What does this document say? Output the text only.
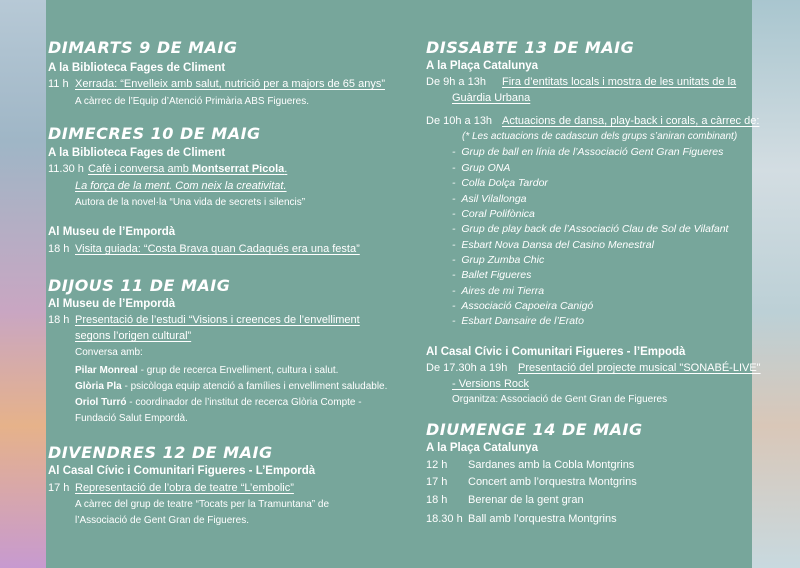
DIMARTS 9 DE MAIG
A la Biblioteca Fages de Climent
11 h Xerrada: “Envelleix amb salut, nutrició per a majors de 65 anys”
A càrrec de l’Equip d’Atenció Primària ABS Figueres.
DIMECRES 10 DE MAIG
A la Biblioteca Fages de Climent
11.30 h Cafè i conversa amb Montserrat Picola.
La força de la ment. Com neix la creativitat.
Autora de la novel·la “Una vida de secrets i silencis”
Al Museu de l’Empordà
18 h Visita guiada: “Costa Brava quan Cadaqués era una festa”
DIJOUS 11 DE MAIG
Al Museu de l’Empordà
18 h Presentació de l’estudi “Visions i creences de l’envelliment
segons l’origen cultural”
Conversa amb:
Pilar Monreal - grup de recerca Envelliment, cultura i salut.
Glòria Pla - psicòloga equip atenció a famílies i envelliment saludable.
Oriol Turró - coordinador de l’institut de recerca Glòria Compte -
Fundació Salut Empordà.
DIVENDRES 12 DE MAIG
Al Casal Cívic i Comunitari Figueres - L’Empordà
17 h Representació de l’obra de teatre “L’embolic”
A càrrec del grup de teatre “Tocats per la Tramuntana” de
l’Associació de Gent Gran de Figueres.
DISSABTE 13 DE MAIG
A la Plaça Catalunya
De 9h a 13h Fira d’entitats locals i mostra de les unitats de la
Guàrdia Urbana
De 10h a 13h Actuacions de dansa, play-back i corals, a càrrec de:
(* Les actuacions de cadascun dels grups s’aniran combinant)
-  Grup de ball en línia de l’Associació Gent Gran Figueres
-  Grup ONA
-  Colla Dolça Tardor
-  Asil Vilallonga
-  Coral Polifònica
-  Grup de play back de l’Associació Clau de Sol de Vilafant
-  Esbart Nova Dansa del Casino Menestral
-  Grup Zumba Chic
-  Ballet Figueres
-  Aires de mi Tierra
-  Associació Capoeira Canigó
-  Esbart Dansaire de l’Erato
Al Casal Cívic i Comunitari Figueres - l’Empodà
De 17.30h a 19h Presentació del projecte musical "SONABÉ-LIVE"
- Versions Rock
Organitza: Associació de Gent Gran de Figueres
DIUMENGE 14 DE MAIG
A la Plaça Catalunya
12 h Sardanes amb la Cobla Montgrins
17 h Concert amb l’orquestra Montgrins
18 h Berenar de la gent gran
18.30 h Ball amb l’orquestra Montgrins
